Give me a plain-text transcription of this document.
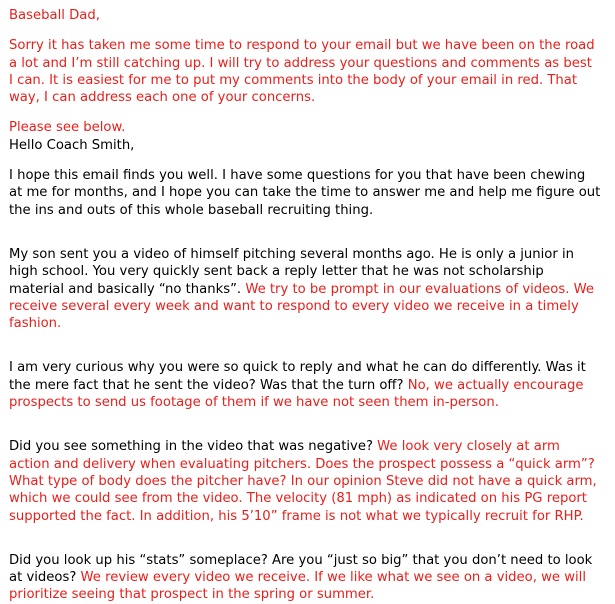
Baseball Dad,
Sorry it has taken me some time to respond to your email but we have been on the road
a lot and I’m still catching up. I will try to address your questions and comments as best
I can. It is easiest for me to put my comments into the body of your email in red. That
way, I can address each one of your concerns.
Please see below.
Hello Coach Smith,
I hope this email finds you well. I have some questions for you that have been chewing
at me for months, and I hope you can take the time to answer me and help me figure out
the ins and outs of this whole baseball recruiting thing.
My son sent you a video of himself pitching several months ago. He is only a junior in
high school. You very quickly sent back a reply letter that he was not scholarship
material and basically “no thanks”. We try to be prompt in our evaluations of videos. We
receive several every week and want to respond to every video we receive in a timely
fashion.
I am very curious why you were so quick to reply and what he can do differently. Was it
the mere fact that he sent the video? Was that the turn off? No, we actually encourage
prospects to send us footage of them if we have not seen them in-person.
Did you see something in the video that was negative? We look very closely at arm
action and delivery when evaluating pitchers. Does the prospect possess a “quick arm”?
What type of body does the pitcher have? In our opinion Steve did not have a quick arm,
which we could see from the video. The velocity (81 mph) as indicated on his PG report
supported the fact. In addition, his 5’10” frame is not what we typically recruit for RHP.
Did you look up his “stats” someplace? Are you “just so big” that you don’t need to look
at videos? We review every video we receive. If we like what we see on a video, we will
prioritize seeing that prospect in the spring or summer.
